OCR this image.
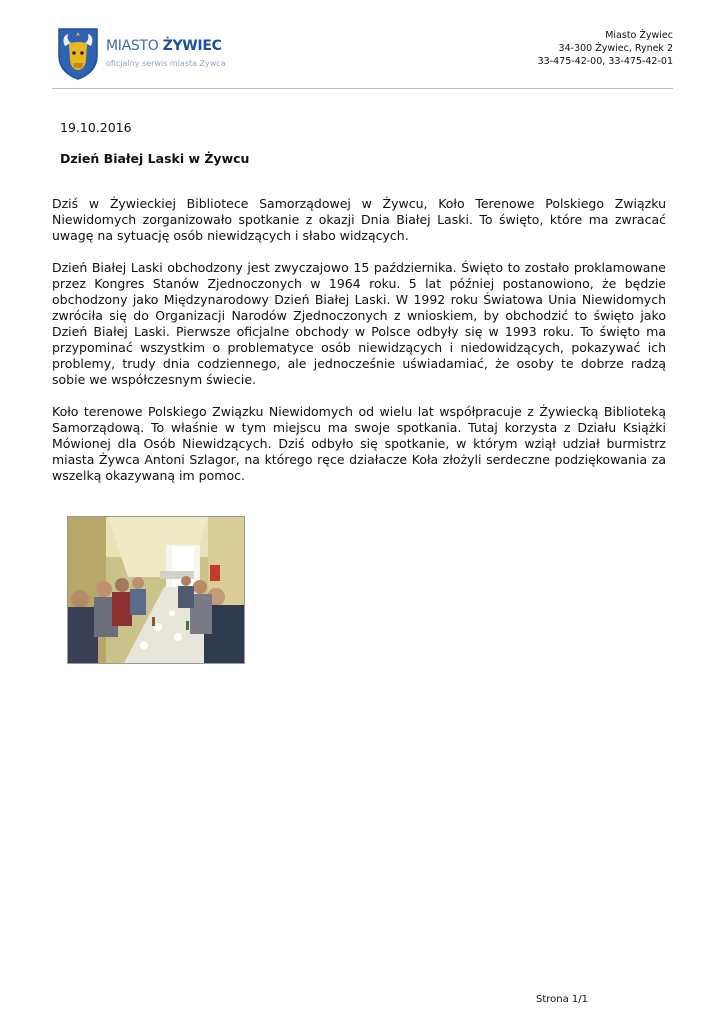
MIASTO ŻYWIEC
oficjalny serwis miasta Żywca
Miasto Żywiec
34-300 Żywiec, Rynek 2
33-475-42-00, 33-475-42-01
19.10.2016
Dzień Białej Laski w Żywcu

Dziś w Żywieckiej Bibliotece Samorządowej w Żywcu, Koło Terenowe Polskiego Związku Niewidomych zorganizowało spotkanie z okazji Dnia Białej Laski. To święto, które ma zwracać uwagę na sytuację osób niewidzących i słabo widzących.

Dzień Białej Laski obchodzony jest zwyczajowo 15 października. Święto to zostało proklamowane przez Kongres Stanów Zjednoczonych w 1964 roku. 5 lat później postanowiono, że będzie obchodzony jako Międzynarodowy Dzień Białej Laski. W 1992 roku Światowa Unia Niewidomych zwróciła się do Organizacji Narodów Zjednoczonych z wnioskiem, by obchodzić to święto jako Dzień Białej Laski. Pierwsze oficjalne obchody w Polsce odbyły się w 1993 roku. To święto ma przypominać wszystkim o problematyce osób niewidzących i niedowidzących, pokazywać ich problemy, trudy dnia codziennego, ale jednocześnie uświadamiać, że osoby te dobrze radzą sobie we współczesnym świecie.

Koło terenowe Polskiego Związku Niewidomych od wielu lat współpracuje z Żywiecką Biblioteką Samorządową. To właśnie w tym miejscu ma swoje spotkania. Tutaj korzysta z Działu Książki Mówionej dla Osób Niewidzących. Dziś odbyło się spotkanie, w którym wziął udział burmistrz miasta Żywca Antoni Szlagor, na którego ręce działacze Koła złożyli serdeczne podziękowania za wszelką okazywaną im pomoc.

Strona 1/1
